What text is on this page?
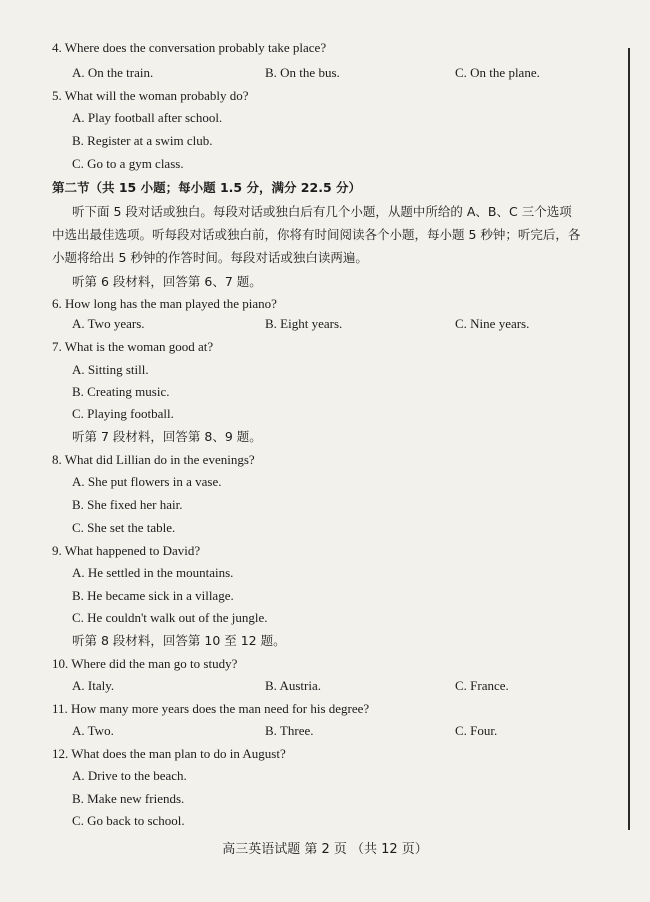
4. Where does the conversation probably take place?
A. On the train.	B. On the bus.	C. On the plane.
5. What will the woman probably do?
A. Play football after school.
B. Register at a swim club.
C. Go to a gym class.
第二节（共 15 小题；每小题 1.5 分，满分 22.5 分）
听下面 5 段对话或独白。每段对话或独白后有几个小题，从题中所给的 A、B、C 三个选项
中选出最佳选项。听每段对话或独白前，你将有时间阅读各个小题，每小题 5 秒钟；听完后，各
小题将给出 5 秒钟的作答时间。每段对话或独白读两遍。
听第 6 段材料，回答第 6、7 题。
6. How long has the man played the piano?
A. Two years.	B. Eight years.	C. Nine years.
7. What is the woman good at?
A. Sitting still.
B. Creating music.
C. Playing football.
听第 7 段材料，回答第 8、9 题。
8. What did Lillian do in the evenings?
A. She put flowers in a vase.
B. She fixed her hair.
C. She set the table.
9. What happened to David?
A. He settled in the mountains.
B. He became sick in a village.
C. He couldn't walk out of the jungle.
听第 8 段材料，回答第 10 至 12 题。
10. Where did the man go to study?
A. Italy.	B. Austria.	C. France.
11. How many more years does the man need for his degree?
A. Two.	B. Three.	C. Four.
12. What does the man plan to do in August?
A. Drive to the beach.
B. Make new friends.
C. Go back to school.
高三英语试题 第 2 页 （共 12 页）
